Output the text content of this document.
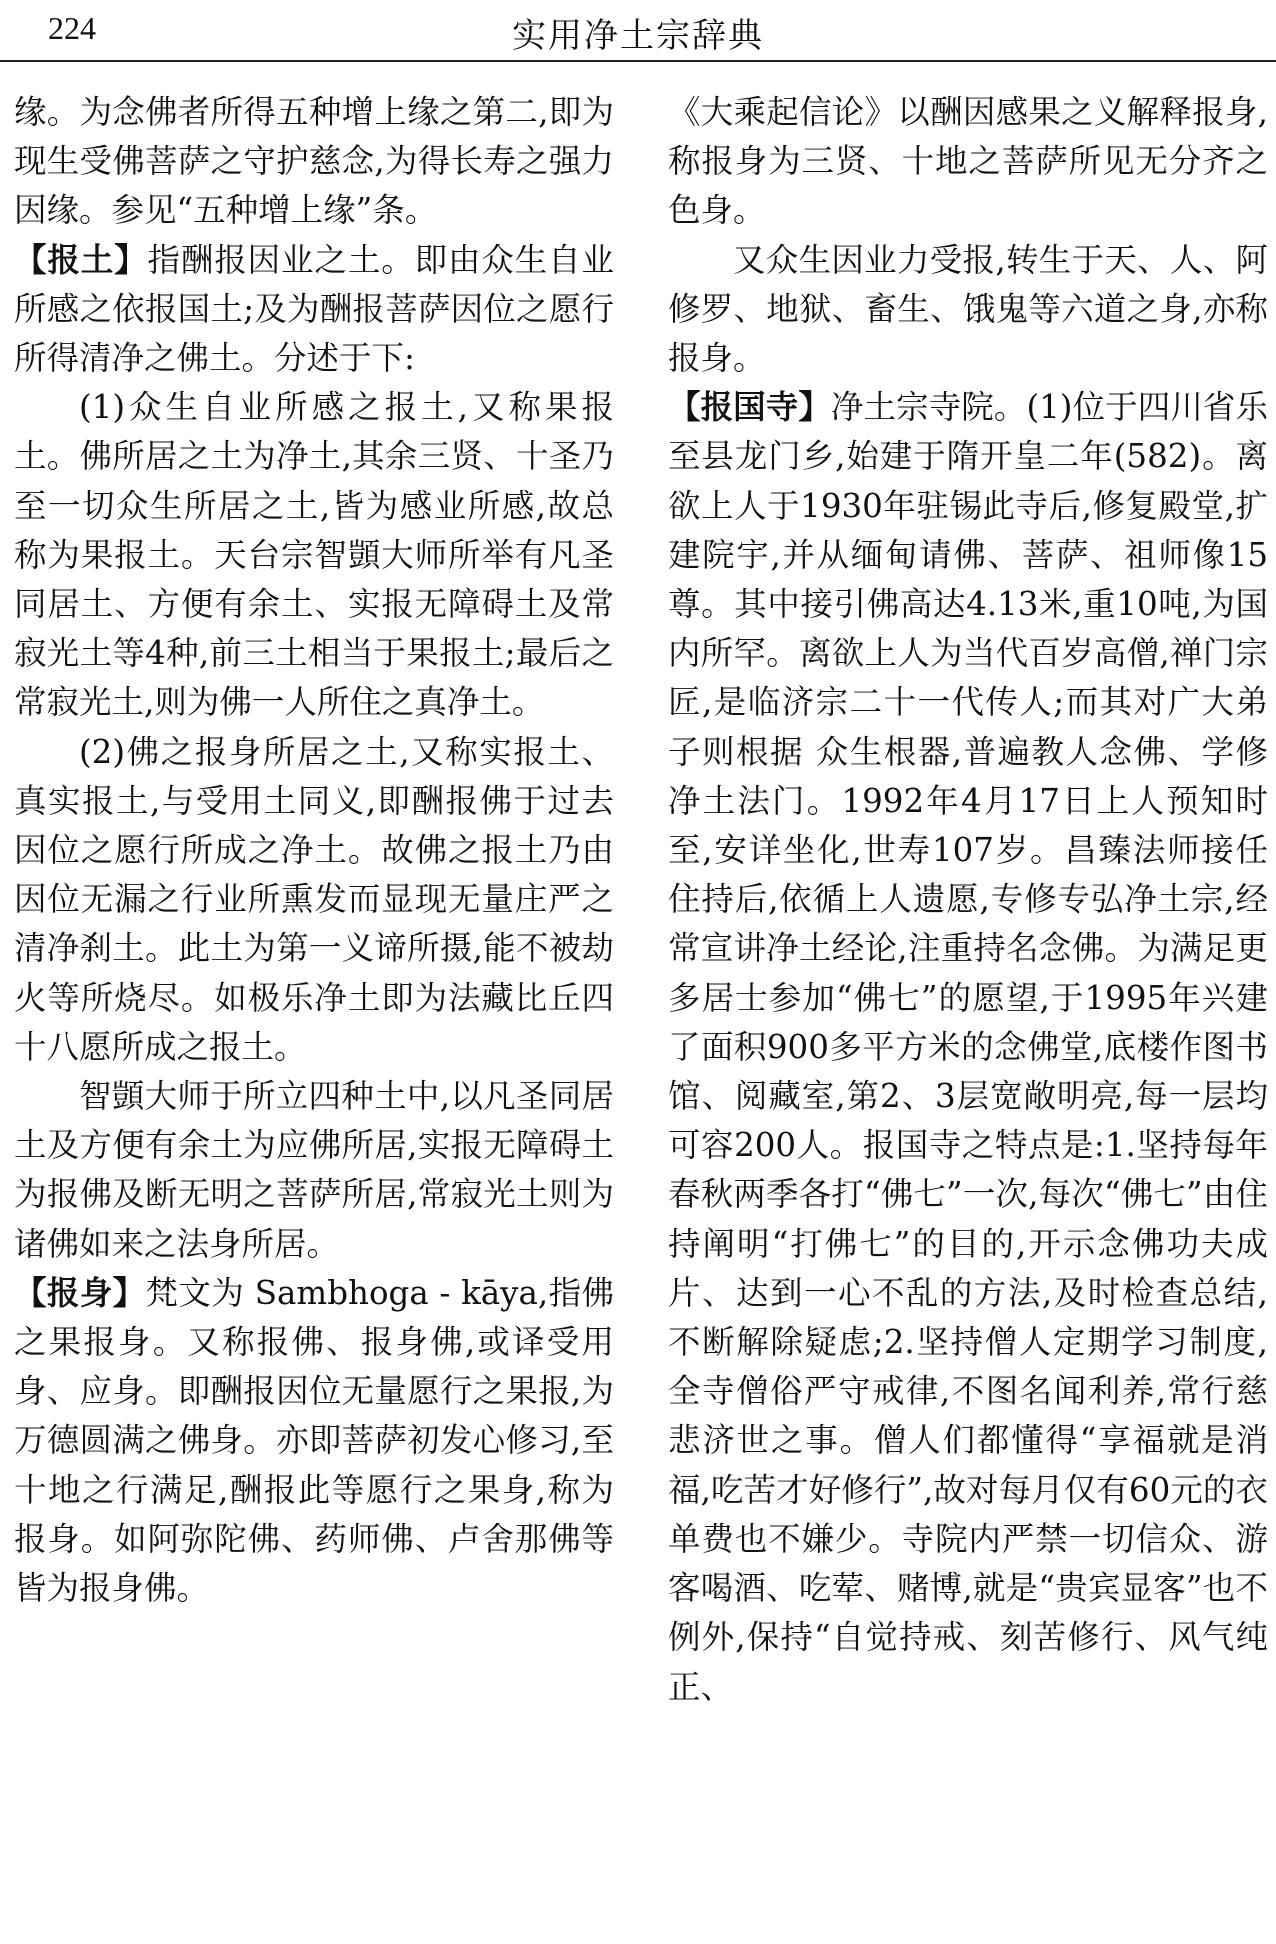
224	实用净土宗辞典

缘。为念佛者所得五种增上缘之第二,即为现生受佛菩萨之守护慈念,为得长寿之强力因缘。参见“五种增上缘”条。

【报土】指酬报因业之土。即由众生自业所感之依报国土;及为酬报菩萨因位之愿行所得清净之佛土。分述于下:

(1)众生自业所感之报土,又称果报土。佛所居之土为净土,其余三贤、十圣乃至一切众生所居之土,皆为感业所感,故总称为果报土。天台宗智顗大师所举有凡圣同居土、方便有余土、实报无障碍土及常寂光土等4种,前三土相当于果报土;最后之常寂光土,则为佛一人所住之真净土。

(2)佛之报身所居之土,又称实报土、真实报土,与受用土同义,即酬报佛于过去因位之愿行所成之净土。故佛之报土乃由因位无漏之行业所熏发而显现无量庄严之清净刹土。此土为第一义谛所摄,能不被劫火等所烧尽。如极乐净土即为法藏比丘四十八愿所成之报土。

智顗大师于所立四种土中,以凡圣同居土及方便有余土为应佛所居,实报无障碍土为报佛及断无明之菩萨所居,常寂光土则为诸佛如来之法身所居。

【报身】梵文为 Sambhoga - kāya,指佛之果报身。又称报佛、报身佛,或译受用身、应身。即酬报因位无量愿行之果报,为万德圆满之佛身。亦即菩萨初发心修习,至十地之行满足,酬报此等愿行之果身,称为报身。如阿弥陀佛、药师佛、卢舍那佛等皆为报身佛。

《大乘起信论》以酬因感果之义解释报身,称报身为三贤、十地之菩萨所见无分齐之色身。

又众生因业力受报,转生于天、人、阿修罗、地狱、畜生、饿鬼等六道之身,亦称报身。

【报国寺】净土宗寺院。(1)位于四川省乐至县龙门乡,始建于隋开皇二年(582)。离欲上人于1930年驻锡此寺后,修复殿堂,扩建院宇,并从缅甸请佛、菩萨、祖师像15尊。其中接引佛高达4.13米,重10吨,为国内所罕。离欲上人为当代百岁高僧,禅门宗匠,是临济宗二十一代传人;而其对广大弟子则根据 众生根器,普遍教人念佛、学修净土法门。1992年4月17日上人预知时至,安详坐化,世寿107岁。昌臻法师接任住持后,依循上人遗愿,专修专弘净土宗,经常宣讲净土经论,注重持名念佛。为满足更多居士参加“佛七”的愿望,于1995年兴建了面积900多平方米的念佛堂,底楼作图书馆、阅藏室,第2、3层宽敞明亮,每一层均可容200人。报国寺之特点是:1.坚持每年春秋两季各打“佛七”一次,每次“佛七”由住持阐明“打佛七”的目的,开示念佛功夫成片、达到一心不乱的方法,及时检查总结,不断解除疑虑;2.坚持僧人定期学习制度,全寺僧俗严守戒律,不图名闻利养,常行慈悲济世之事。僧人们都懂得“享福就是消福,吃苦才好修行”,故对每月仅有60元的衣单费也不嫌少。寺院内严禁一切信众、游客喝酒、吃荤、赌博,就是“贵宾显客”也不例外,保持“自觉持戒、刻苦修行、风气纯正、
